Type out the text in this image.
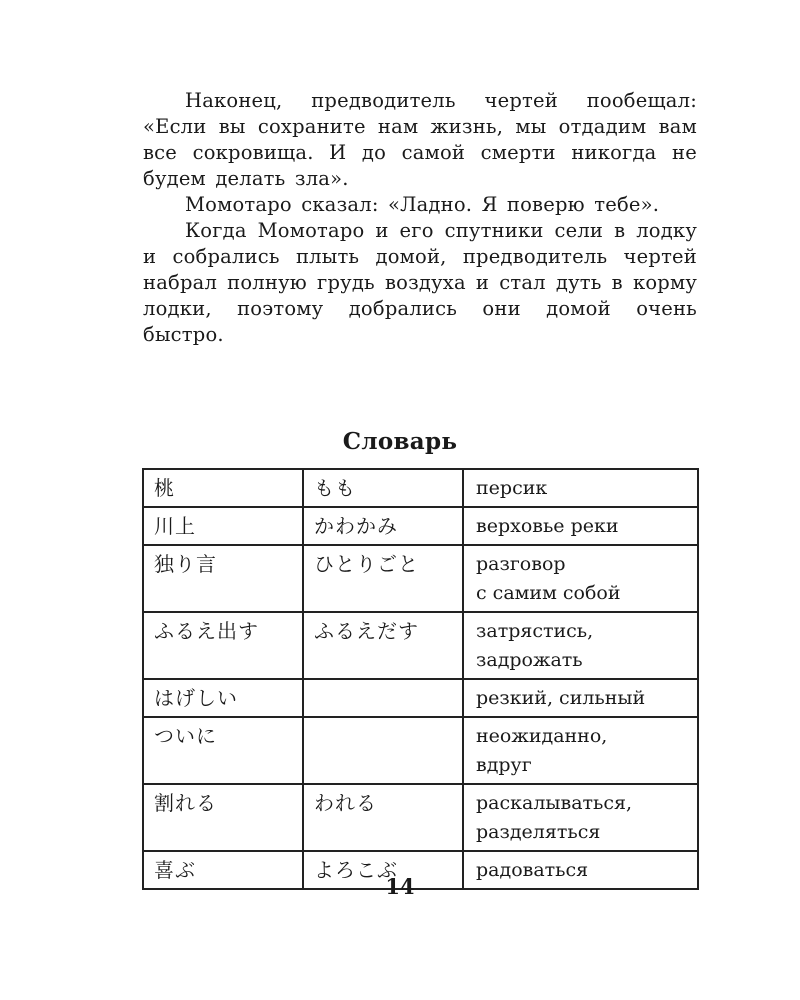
Наконец, предводитель чертей пообещал: «Если вы сохраните нам жизнь, мы отдадим вам все сокровища. И до самой смерти никогда не будем делать зла».

Момотаро сказал: «Ладно. Я поверю тебе».

Когда Момотаро и его спутники сели в лодку и собрались плыть домой, предводитель чертей набрал полную грудь воздуха и стал дуть в корму лодки, поэтому добрались они домой очень быстро.

Словарь
桃	もも	персик

川上	かわかみ	верховье реки

独り言	ひとりごと	разговор
с самим собой

ふるえ出す	ふるえだす	затрястись,
задрожать

はげしい		резкий, сильный

ついに		неожиданно,
вдруг

割れる	われる	раскалываться,
разделяться

喜ぶ	よろこぶ	радоваться
14
